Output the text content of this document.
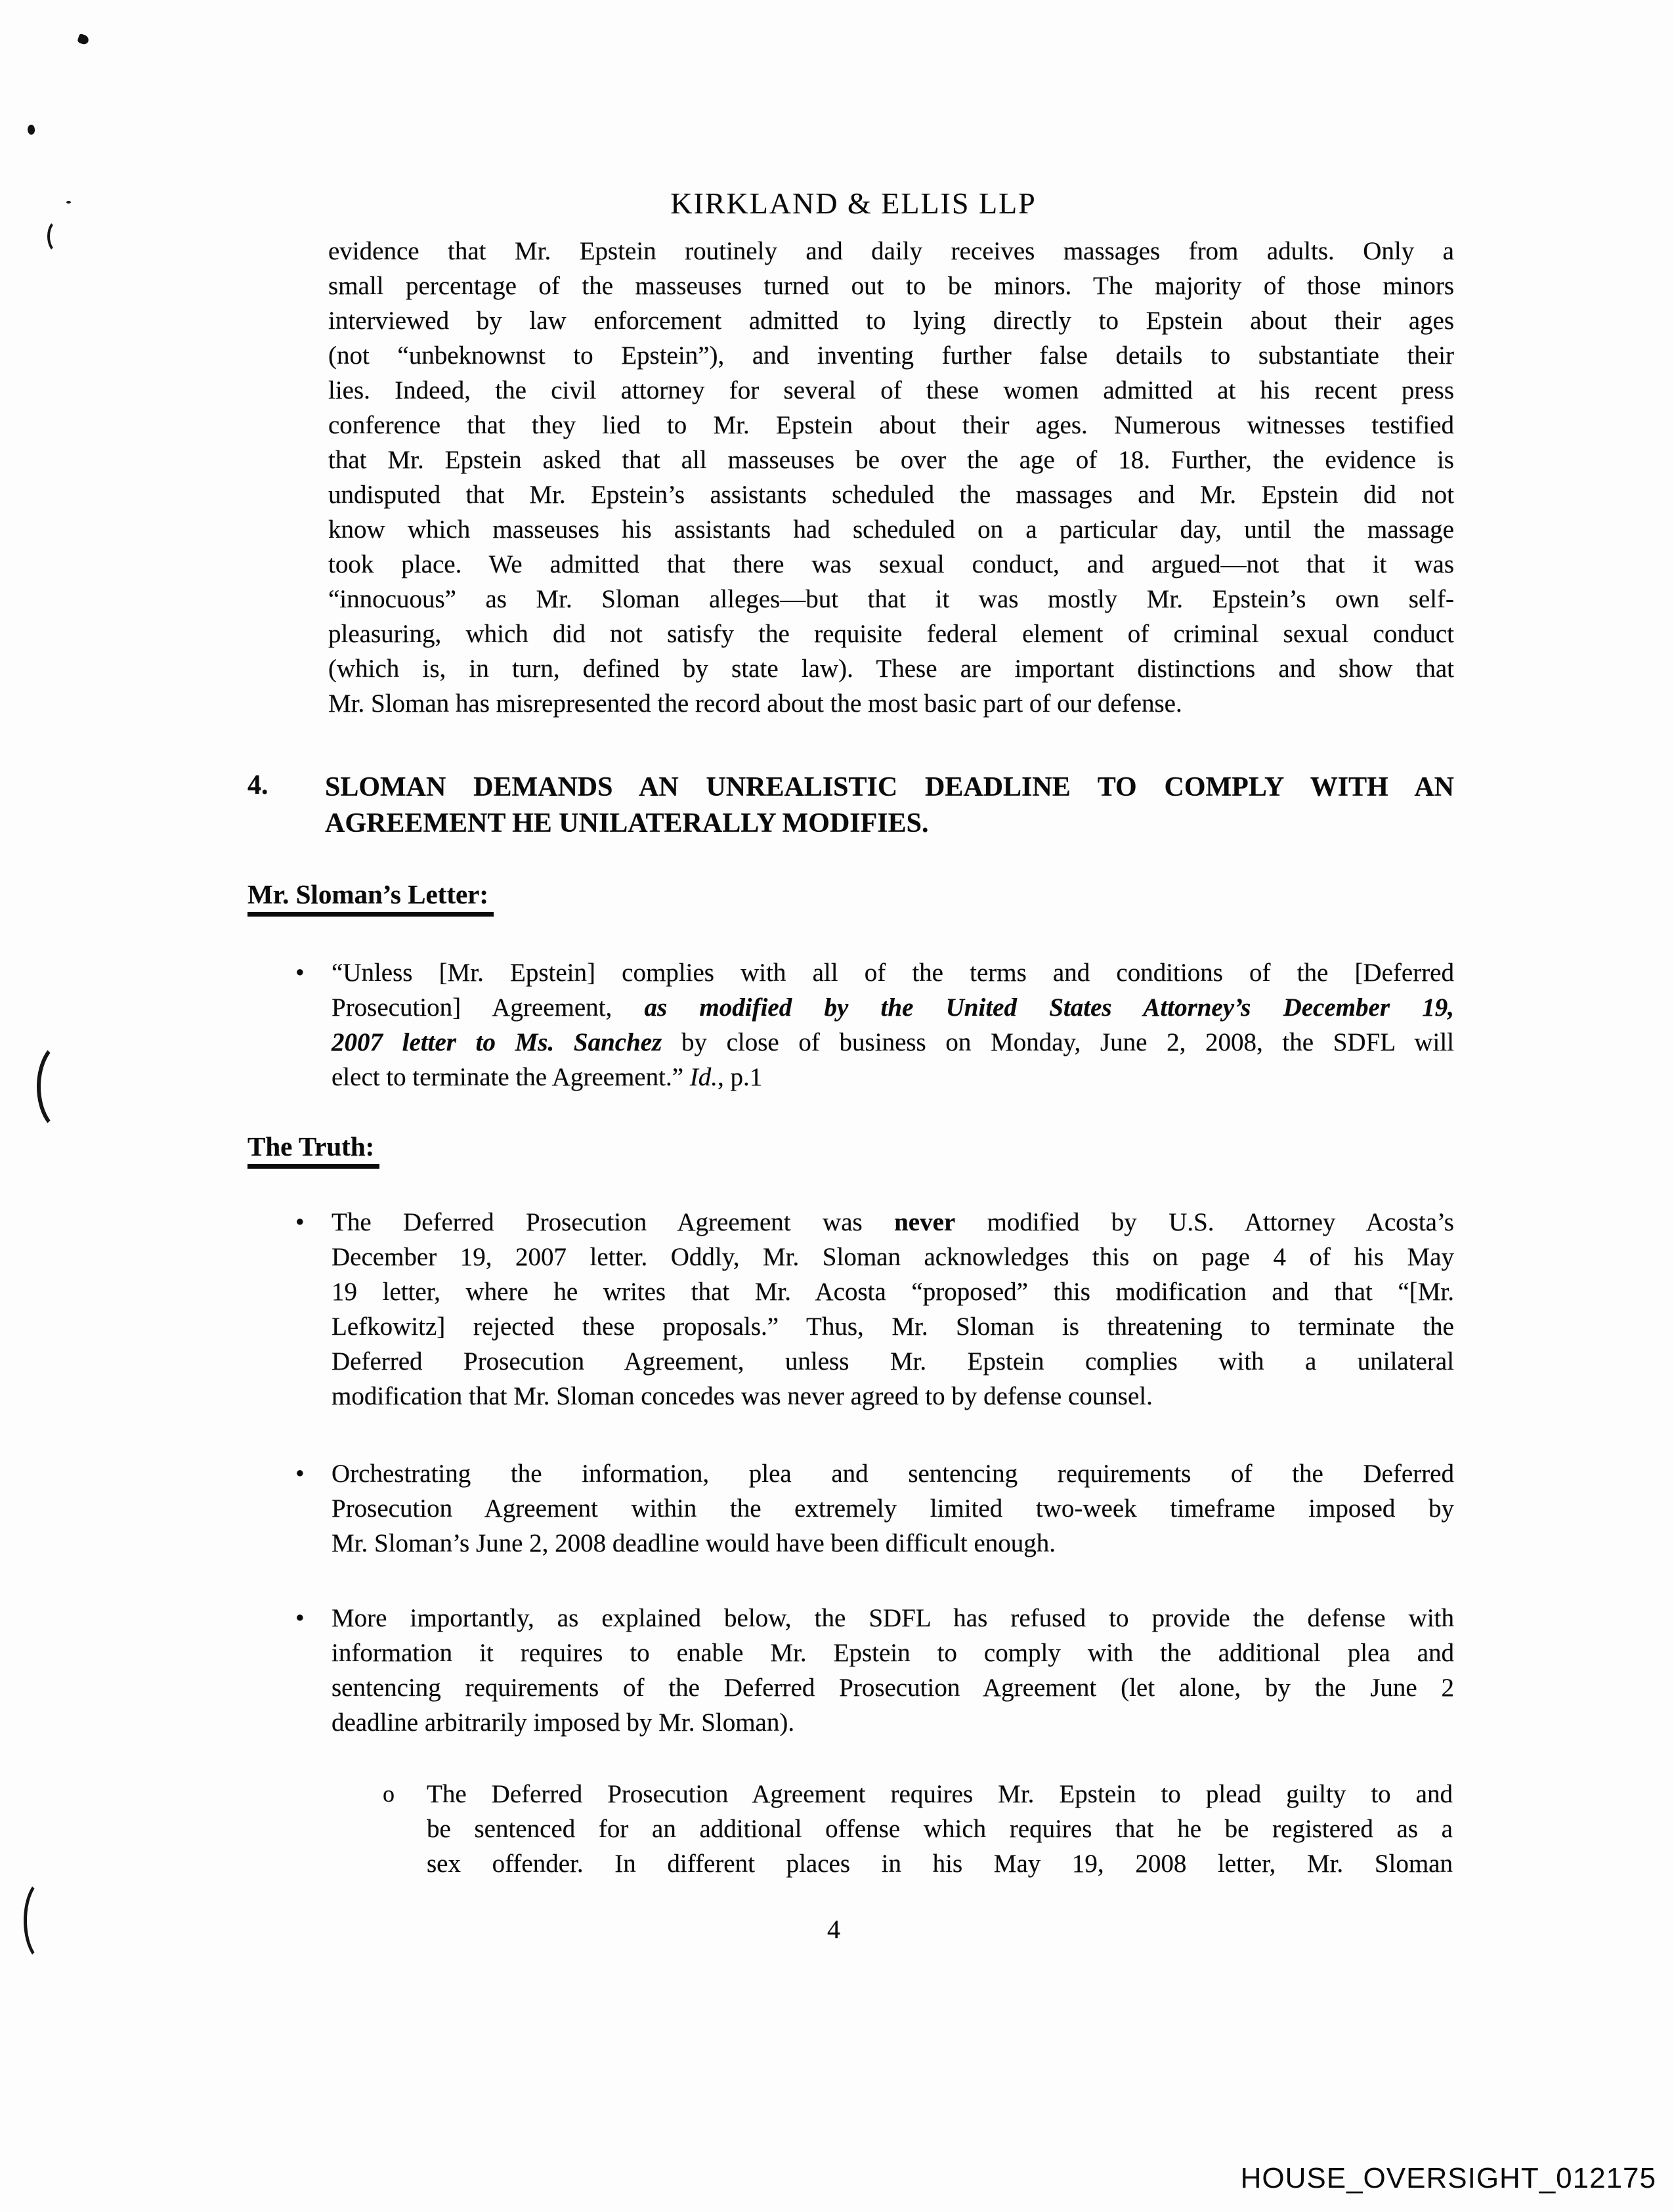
KIRKLAND & ELLIS LLP
evidence that Mr. Epstein routinely and daily receives massages from adults. Only a
small percentage of the masseuses turned out to be minors. The majority of those minors
interviewed by law enforcement admitted to lying directly to Epstein about their ages
(not “unbeknownst to Epstein”), and inventing further false details to substantiate their
lies. Indeed, the civil attorney for several of these women admitted at his recent press
conference that they lied to Mr. Epstein about their ages. Numerous witnesses testified
that Mr. Epstein asked that all masseuses be over the age of 18. Further, the evidence is
undisputed that Mr. Epstein’s assistants scheduled the massages and Mr. Epstein did not
know which masseuses his assistants had scheduled on a particular day, until the massage
took place. We admitted that there was sexual conduct, and argued—not that it was
“innocuous” as Mr. Sloman alleges—but that it was mostly Mr. Epstein’s own self-
pleasuring, which did not satisfy the requisite federal element of criminal sexual conduct
(which is, in turn, defined by state law). These are important distinctions and show that
Mr. Sloman has misrepresented the record about the most basic part of our defense.
4. SLOMAN DEMANDS AN UNREALISTIC DEADLINE TO COMPLY WITH AN
AGREEMENT HE UNILATERALLY MODIFIES.
Mr. Sloman’s Letter:
• “Unless [Mr. Epstein] complies with all of the terms and conditions of the [Deferred
Prosecution] Agreement, as modified by the United States Attorney’s December 19,
2007 letter to Ms. Sanchez by close of business on Monday, June 2, 2008, the SDFL will
elect to terminate the Agreement.” Id., p.1
The Truth:
• The Deferred Prosecution Agreement was never modified by U.S. Attorney Acosta’s
December 19, 2007 letter. Oddly, Mr. Sloman acknowledges this on page 4 of his May
19 letter, where he writes that Mr. Acosta “proposed” this modification and that “[Mr.
Lefkowitz] rejected these proposals.” Thus, Mr. Sloman is threatening to terminate the
Deferred Prosecution Agreement, unless Mr. Epstein complies with a unilateral
modification that Mr. Sloman concedes was never agreed to by defense counsel.
• Orchestrating the information, plea and sentencing requirements of the Deferred
Prosecution Agreement within the extremely limited two-week timeframe imposed by
Mr. Sloman’s June 2, 2008 deadline would have been difficult enough.
• More importantly, as explained below, the SDFL has refused to provide the defense with
information it requires to enable Mr. Epstein to comply with the additional plea and
sentencing requirements of the Deferred Prosecution Agreement (let alone, by the June 2
deadline arbitrarily imposed by Mr. Sloman).
o The Deferred Prosecution Agreement requires Mr. Epstein to plead guilty to and
be sentenced for an additional offense which requires that he be registered as a
sex offender. In different places in his May 19, 2008 letter, Mr. Sloman
4
HOUSE_OVERSIGHT_012175
